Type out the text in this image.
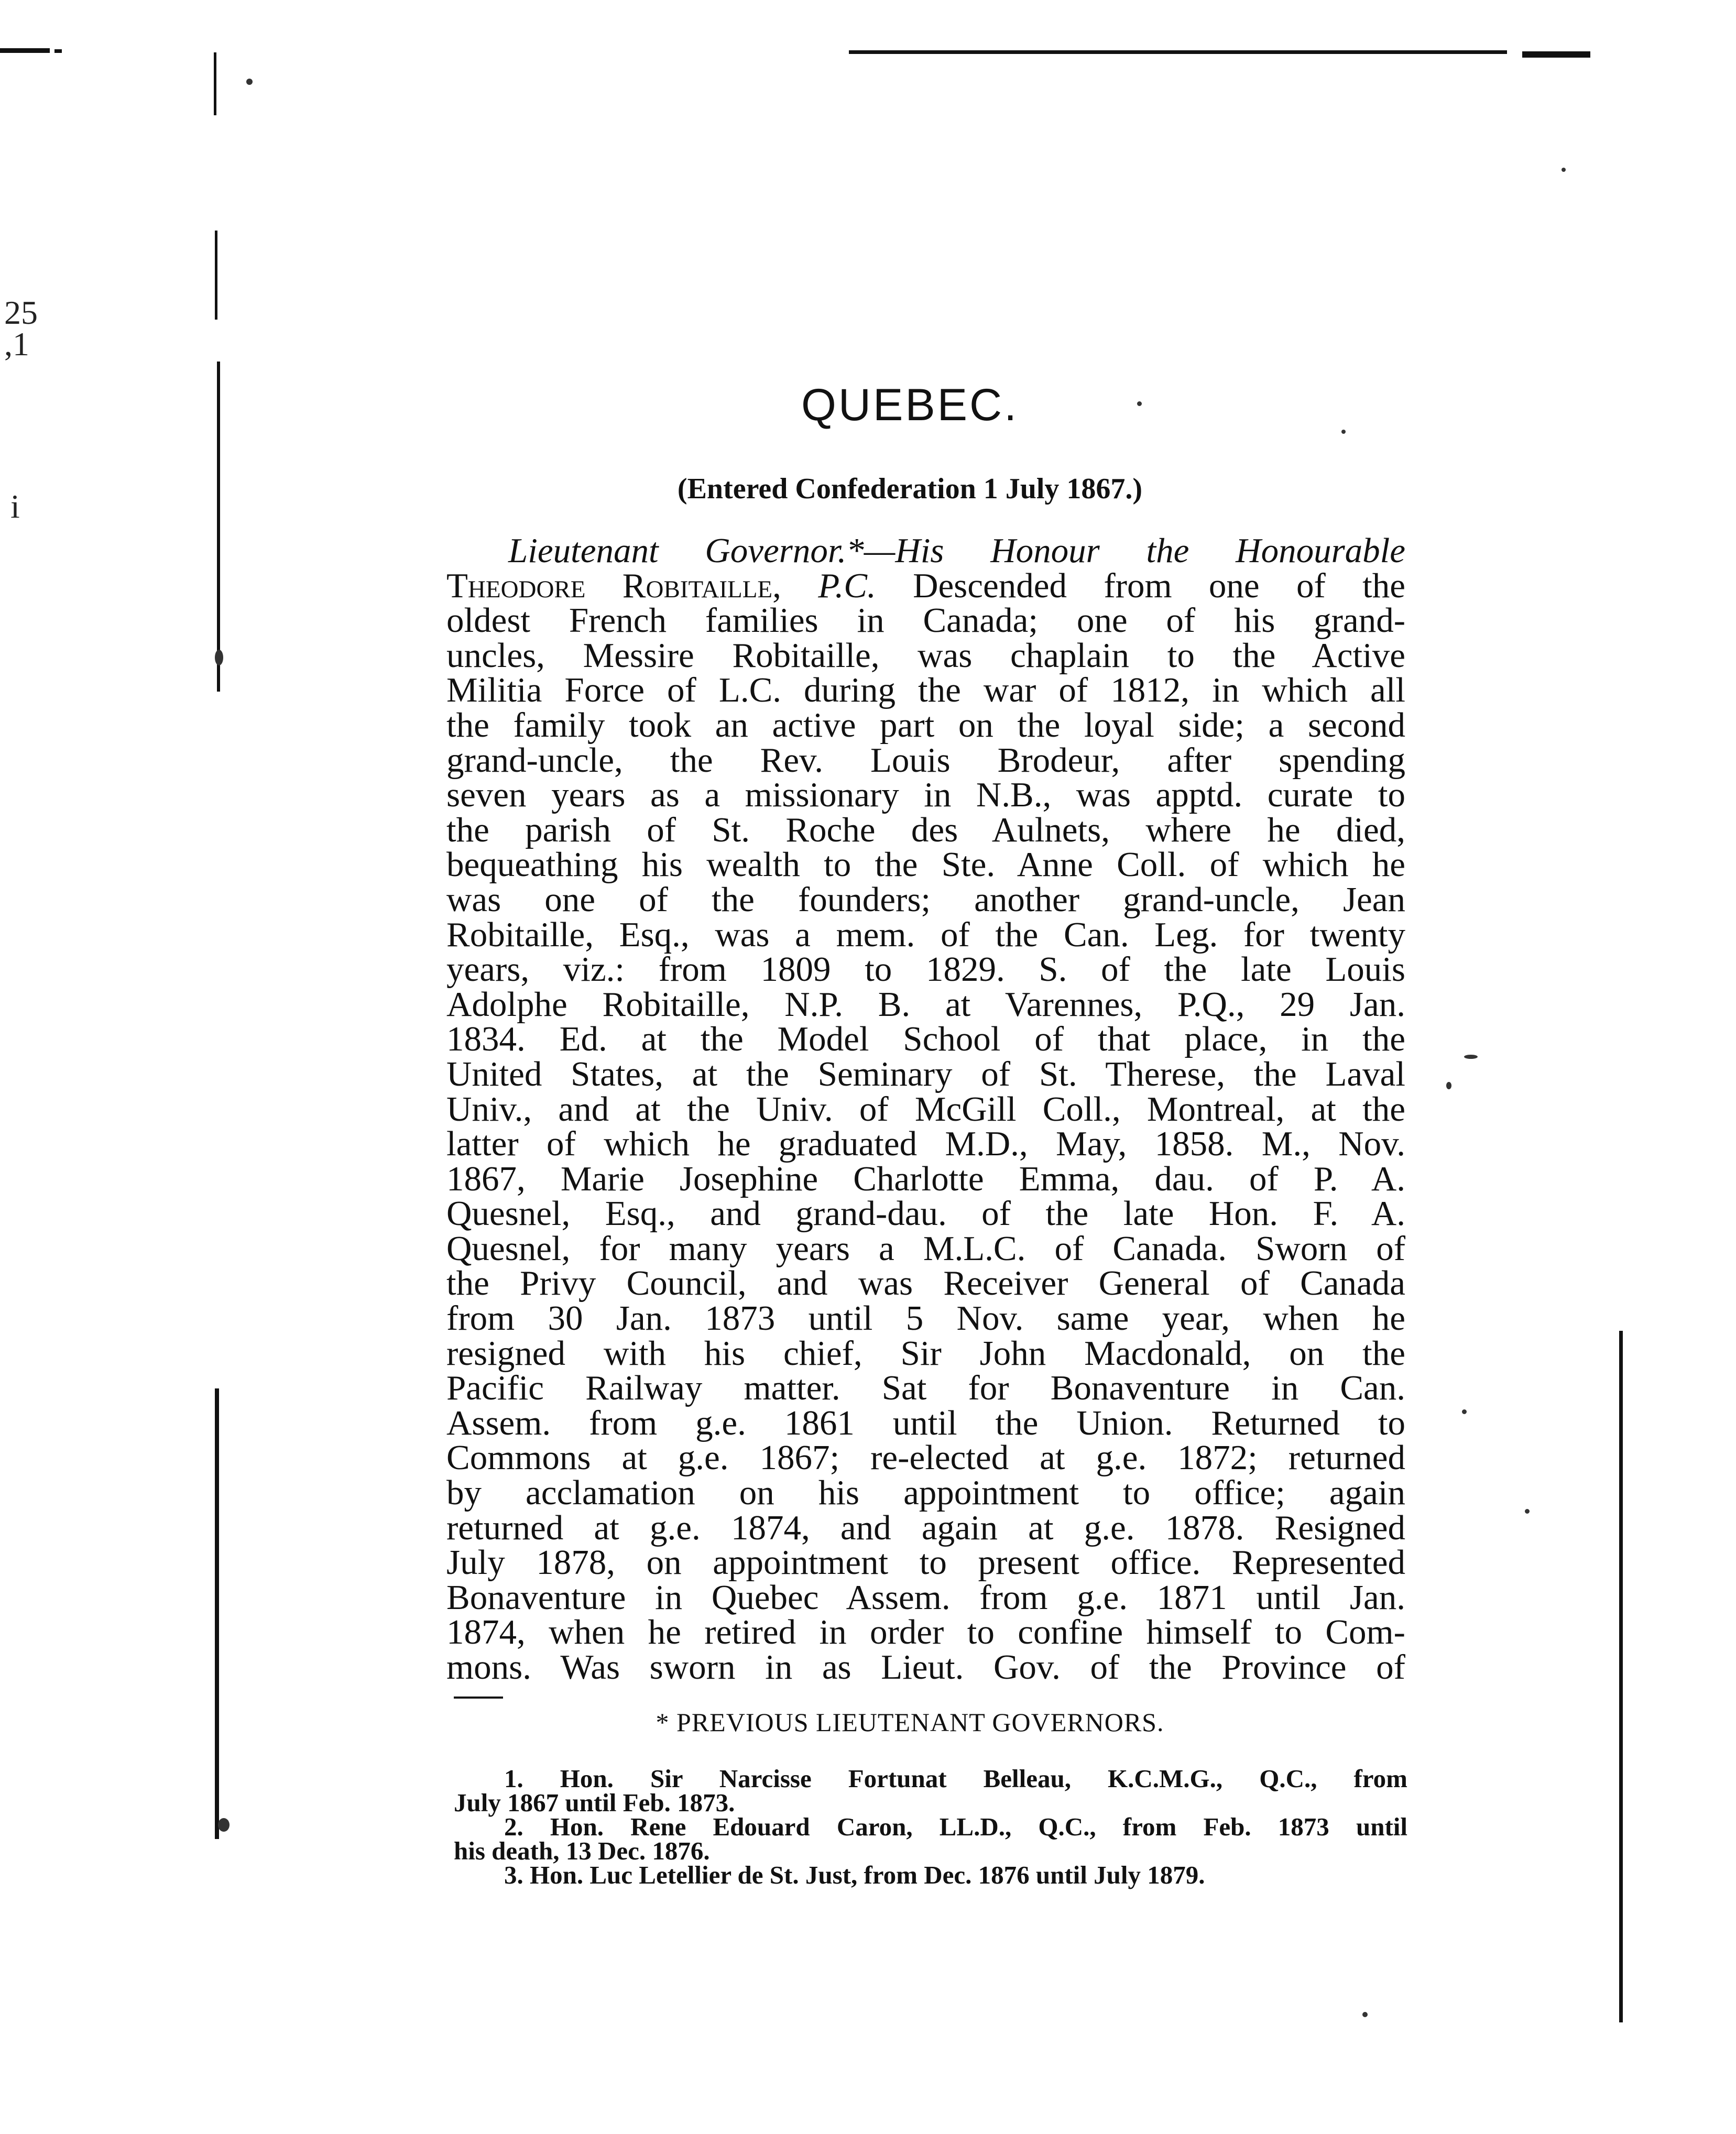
25
,1
i
QUEBEC.
(Entered Confederation 1 July 1867.)
Lieutenant Governor.*—His Honour the Honourable
Theodore Robitaille, P.C. Descended from one of the
oldest French families in Canada; one of his grand-
uncles, Messire Robitaille, was chaplain to the Active
Militia Force of L.C. during the war of 1812, in which all
the family took an active part on the loyal side; a second
grand-uncle, the Rev. Louis Brodeur, after spending
seven years as a missionary in N.B., was apptd. curate to
the parish of St. Roche des Aulnets, where he died,
bequeathing his wealth to the Ste. Anne Coll. of which he
was one of the founders; another grand-uncle, Jean
Robitaille, Esq., was a mem. of the Can. Leg. for twenty
years, viz.: from 1809 to 1829. S. of the late Louis
Adolphe Robitaille, N.P. B. at Varennes, P.Q., 29 Jan.
1834. Ed. at the Model School of that place, in the
United States, at the Seminary of St. Therese, the Laval
Univ., and at the Univ. of McGill Coll., Montreal, at the
latter of which he graduated M.D., May, 1858. M., Nov.
1867, Marie Josephine Charlotte Emma, dau. of P. A.
Quesnel, Esq., and grand-dau. of the late Hon. F. A.
Quesnel, for many years a M.L.C. of Canada. Sworn of
the Privy Council, and was Receiver General of Canada
from 30 Jan. 1873 until 5 Nov. same year, when he
resigned with his chief, Sir John Macdonald, on the
Pacific Railway matter. Sat for Bonaventure in Can.
Assem. from g.e. 1861 until the Union. Returned to
Commons at g.e. 1867; re-elected at g.e. 1872; returned
by acclamation on his appointment to office; again
returned at g.e. 1874, and again at g.e. 1878. Resigned
July 1878, on appointment to present office. Represented
Bonaventure in Quebec Assem. from g.e. 1871 until Jan.
1874, when he retired in order to confine himself to Com-
mons. Was sworn in as Lieut. Gov. of the Province of
* PREVIOUS LIEUTENANT GOVERNORS.
1. Hon. Sir Narcisse Fortunat Belleau, K.C.M.G., Q.C., from
July 1867 until Feb. 1873.
2. Hon. Rene Edouard Caron, LL.D., Q.C., from Feb. 1873 until
his death, 13 Dec. 1876.
3. Hon. Luc Letellier de St. Just, from Dec. 1876 until July 1879.
